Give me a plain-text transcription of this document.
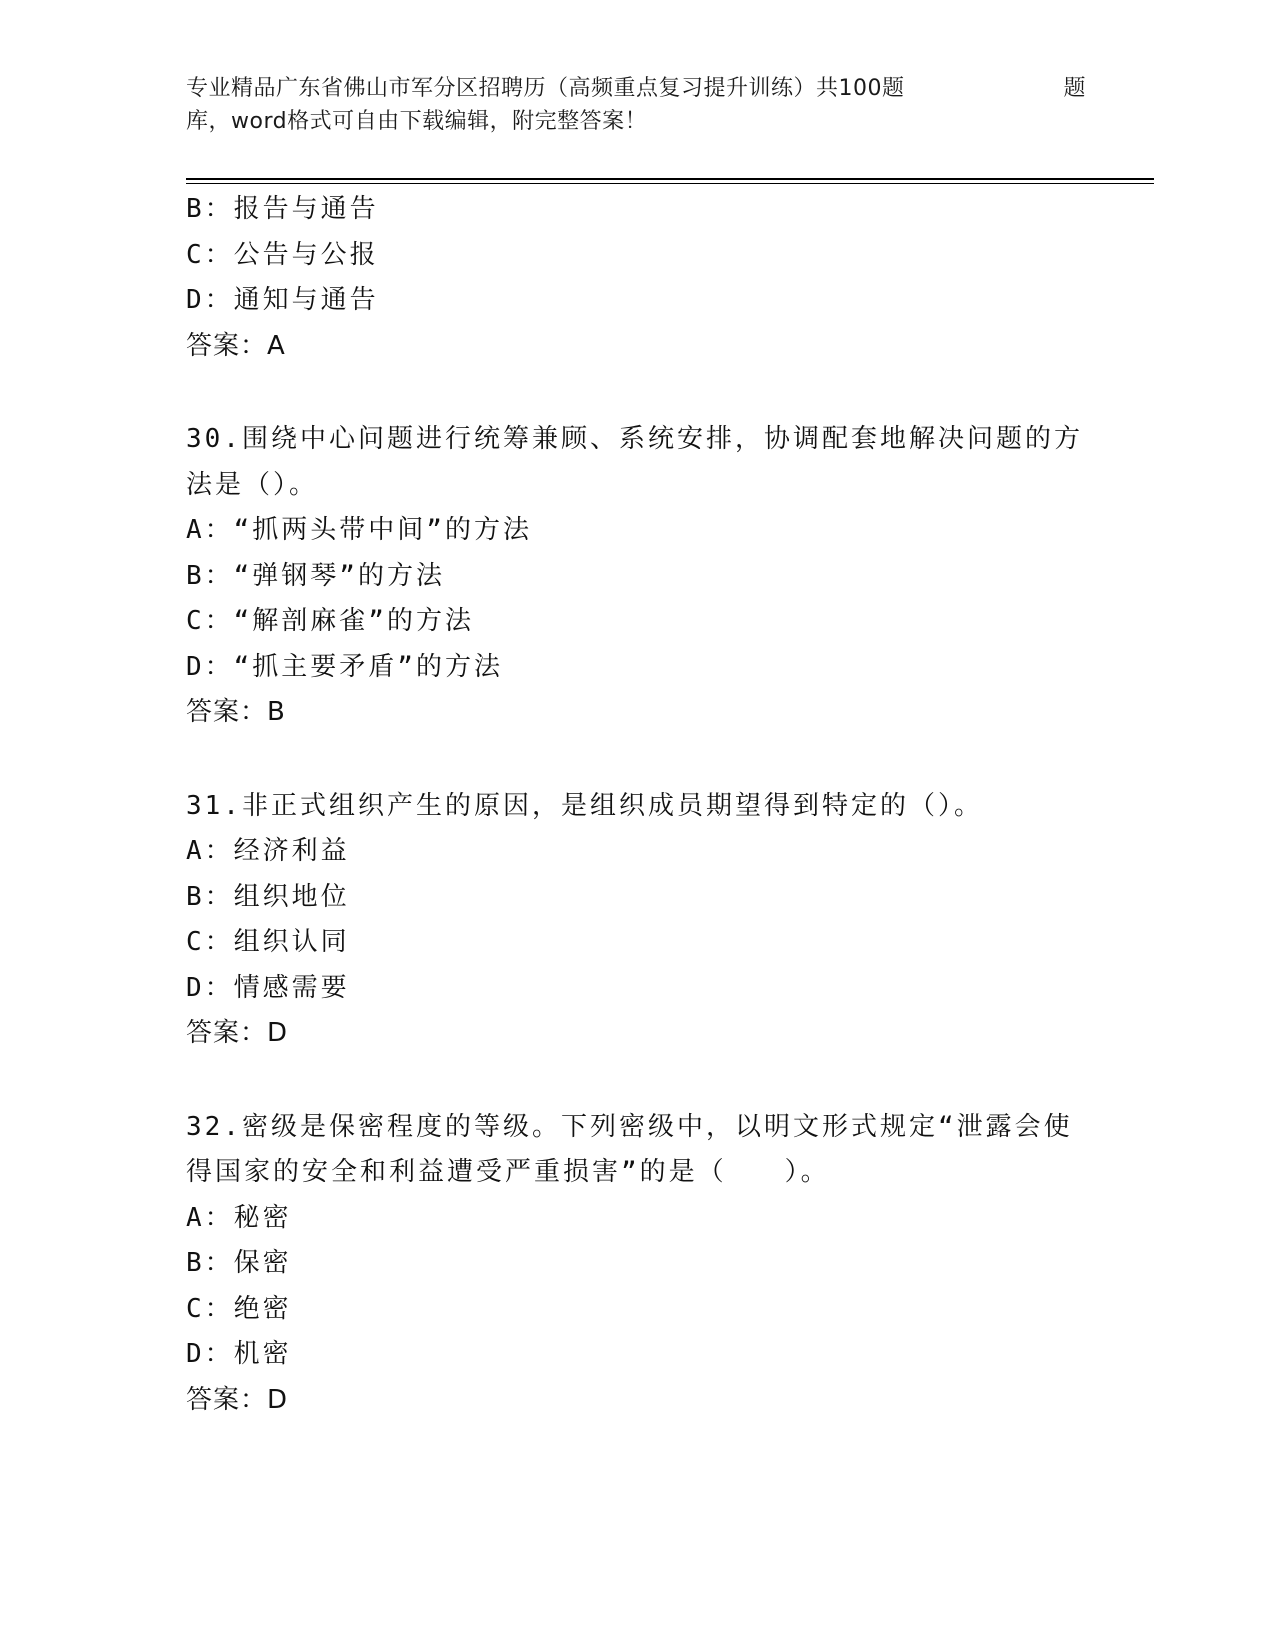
专业精品广东省佛山市军分区招聘历（高频重点复习提升训练）共100题	题
库，word格式可自由下载编辑，附完整答案！
B：报告与通告
C：公告与公报
D：通知与通告
答案：A
30.围绕中心问题进行统筹兼顾、系统安排，协调配套地解决问题的方
法是（）。
A：“抓两头带中间”的方法
B：“弹钢琴”的方法
C：“解剖麻雀”的方法
D：“抓主要矛盾”的方法
答案：B
31.非正式组织产生的原因，是组织成员期望得到特定的（）。
A：经济利益
B：组织地位
C：组织认同
D：情感需要
答案：D
32.密级是保密程度的等级。下列密级中，以明文形式规定“泄露会使
得国家的安全和利益遭受严重损害”的是（　　）。
A：秘密
B：保密
C：绝密
D：机密
答案：D
